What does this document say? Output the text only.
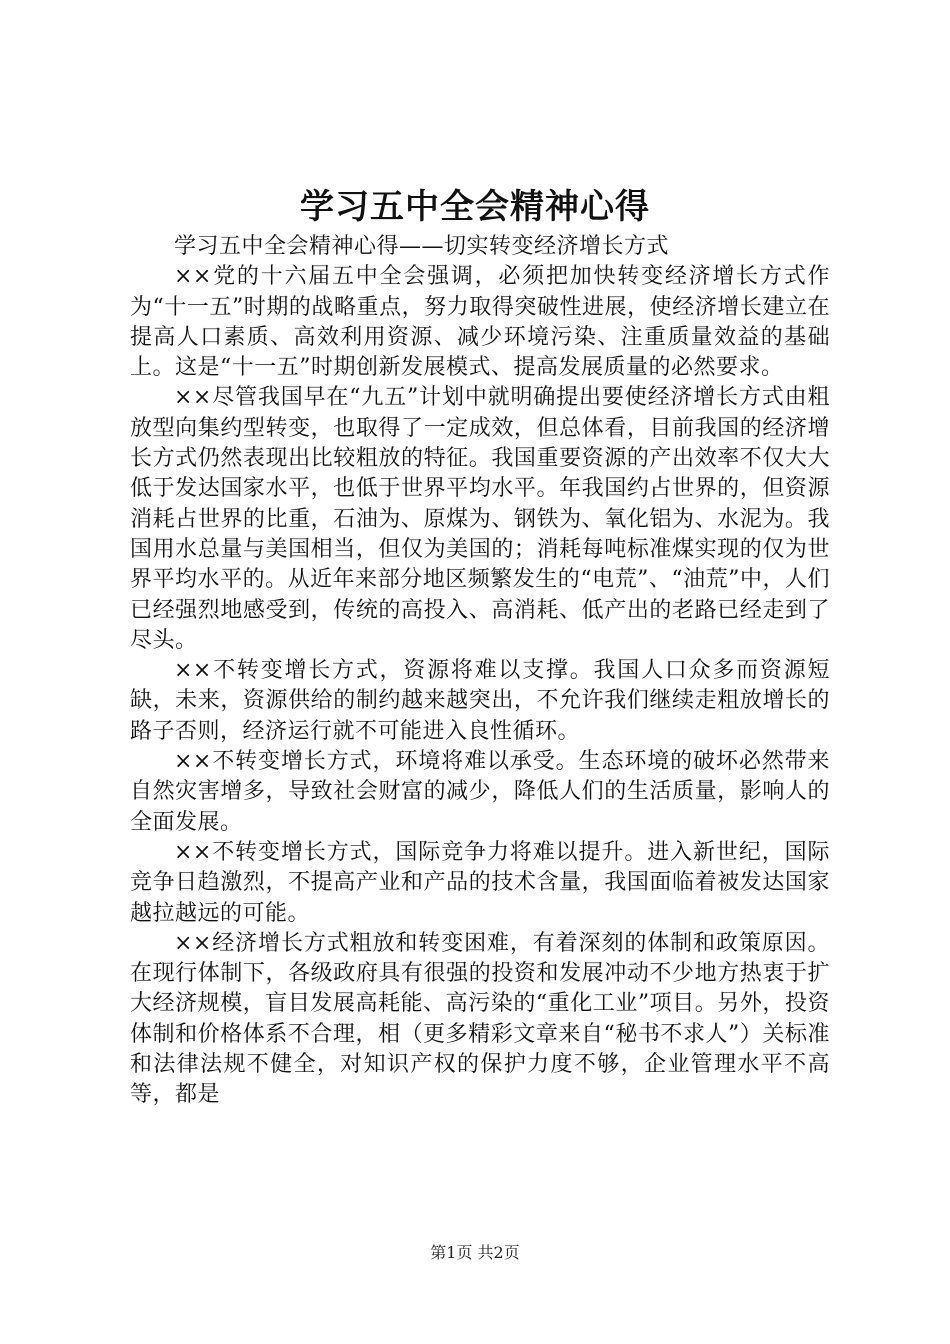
学习五中全会精神心得

学习五中全会精神心得——切实转变经济增长方式

××党的十六届五中全会强调，必须把加快转变经济增长方式作为“十一五”时期的战略重点，努力取得突破性进展，使经济增长建立在提高人口素质、高效利用资源、减少环境污染、注重质量效益的基础上。这是“十一五”时期创新发展模式、提高发展质量的必然要求。

××尽管我国早在“九五”计划中就明确提出要使经济增长方式由粗放型向集约型转变，也取得了一定成效，但总体看，目前我国的经济增长方式仍然表现出比较粗放的特征。我国重要资源的产出效率不仅大大低于发达国家水平，也低于世界平均水平。年我国约占世界的，但资源消耗占世界的比重，石油为、原煤为、钢铁为、氧化铝为、水泥为。我国用水总量与美国相当，但仅为美国的；消耗每吨标准煤实现的仅为世界平均水平的。从近年来部分地区频繁发生的“电荒”、“油荒”中，人们已经强烈地感受到，传统的高投入、高消耗、低产出的老路已经走到了尽头。

××不转变增长方式，资源将难以支撑。我国人口众多而资源短缺，未来，资源供给的制约越来越突出，不允许我们继续走粗放增长的路子否则，经济运行就不可能进入良性循环。

××不转变增长方式，环境将难以承受。生态环境的破坏必然带来自然灾害增多，导致社会财富的减少，降低人们的生活质量，影响人的全面发展。

××不转变增长方式，国际竞争力将难以提升。进入新世纪，国际竞争日趋激烈，不提高产业和产品的技术含量，我国面临着被发达国家越拉越远的可能。

××经济增长方式粗放和转变困难，有着深刻的体制和政策原因。在现行体制下，各级政府具有很强的投资和发展冲动不少地方热衷于扩大经济规模，盲目发展高耗能、高污染的“重化工业”项目。另外，投资体制和价格体系不合理，相（更多精彩文章来自“秘书不求人”）关标准和法律法规不健全，对知识产权的保护力度不够，企业管理水平不高等，都是

第1页 共2页
